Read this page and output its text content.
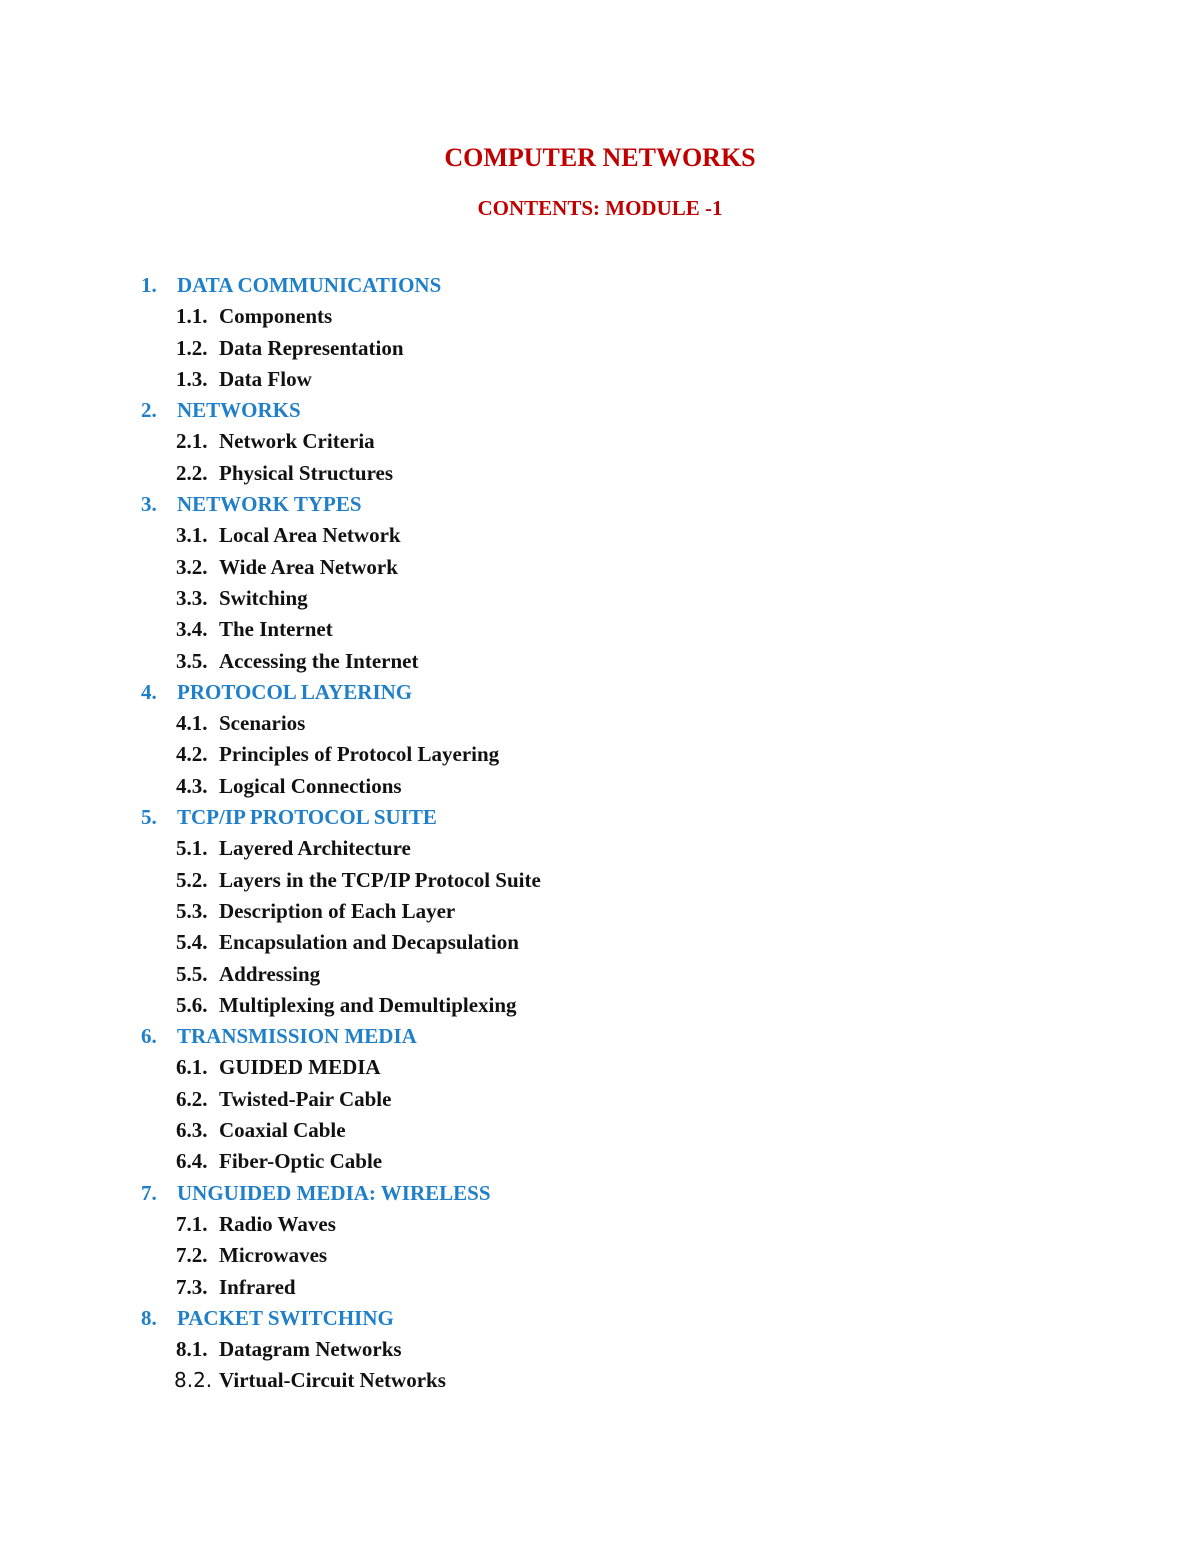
COMPUTER NETWORKS
CONTENTS: MODULE -1
1. DATA COMMUNICATIONS
1.1. Components
1.2. Data Representation
1.3. Data Flow
2. NETWORKS
2.1. Network Criteria
2.2. Physical Structures
3. NETWORK TYPES
3.1. Local Area Network
3.2. Wide Area Network
3.3. Switching
3.4. The Internet
3.5. Accessing the Internet
4. PROTOCOL LAYERING
4.1. Scenarios
4.2. Principles of Protocol Layering
4.3. Logical Connections
5. TCP/IP PROTOCOL SUITE
5.1. Layered Architecture
5.2. Layers in the TCP/IP Protocol Suite
5.3. Description of Each Layer
5.4. Encapsulation and Decapsulation
5.5. Addressing
5.6. Multiplexing and Demultiplexing
6. TRANSMISSION MEDIA
6.1. GUIDED MEDIA
6.2. Twisted-Pair Cable
6.3. Coaxial Cable
6.4. Fiber-Optic Cable
7. UNGUIDED MEDIA: WIRELESS
7.1. Radio Waves
7.2. Microwaves
7.3. Infrared
8. PACKET SWITCHING
8.1. Datagram Networks
8.2. Virtual-Circuit Networks
